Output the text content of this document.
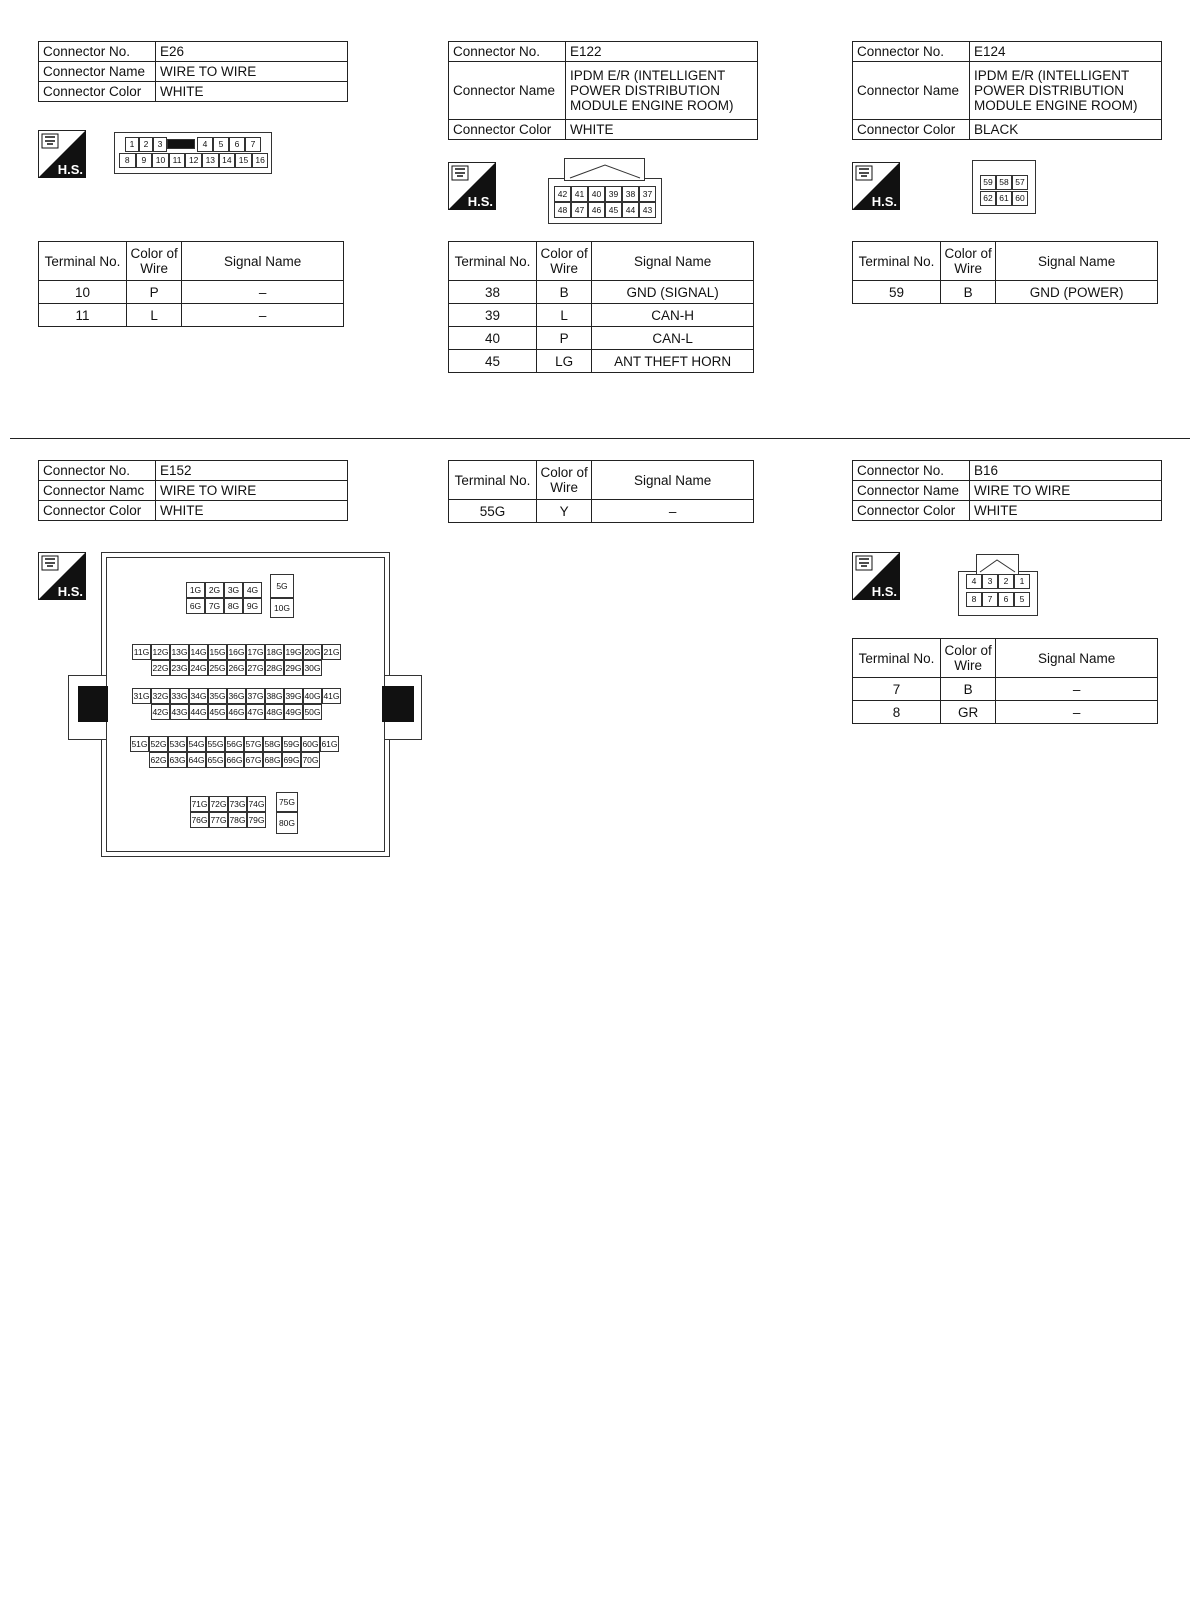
Connector No.	E26
Connector Name	WIRE TO WIRE
Connector Color	WHITE
H.S.
1	2	3	4	5	6	7
8	9	10 11 12 13 14 15 16
Terminal No.	Color of Wire	Signal Name
10	P	–
11	L	–
Connector No.	E122
Connector Name	IPDM E/R (INTELLIGENT POWER DISTRIBUTION MODULE ENGINE ROOM)
Connector Color	WHITE
H.S.	42 41 40 39 38 37
48 47 46 45 44 43
Terminal No.	Color of Wire	Signal Name
38	B	GND (SIGNAL)
39	L	CAN-H
40	P	CAN-L
45	LG	ANT THEFT HORN
Connector No.	E124
Connector Name	IPDM E/R (INTELLIGENT POWER DISTRIBUTION MODULE ENGINE ROOM)
Connector Color	BLACK
H.S.
59 58 57
62 61 60
Terminal No.	Color of Wire	Signal Name
59	B	GND (POWER)
Connector No.	E152
Connector Namc	WIRE TO WIRE
Connector Color	WHITE
Terminal No.	Color of Wire	Signal Name
55G	Y	–
H.S.	1G 2G 3G 4G
6G 7G 8G 9G
5G
10G
11G 12G 13G 14G 15G 16G 17G 18G 19G 20G 21G
22G 23G 24G 25G 26G 27G 28G 29G 30G
31G 32G 33G 34G 35G 36G 37G 38G 39G 40G 41G
42G 43G 44G 45G 46G 47G 48G 49G 50G
51G 52G 53G 54G 55G 56G 57G 58G 59G 60G 61G
62G 63G 64G 65G 66G 67G 68G 69G 70G
71G 72G 73G 74G
76G 77G 78G 79G
75G
80G
Connector No.	B16
Connector Name	WIRE TO WIRE
Connector Color	WHITE
H.S.
4	3	2	1
8	7	6	5
Terminal No.	Color of Wire	Signal Name
7	B	–
8	GR	–
